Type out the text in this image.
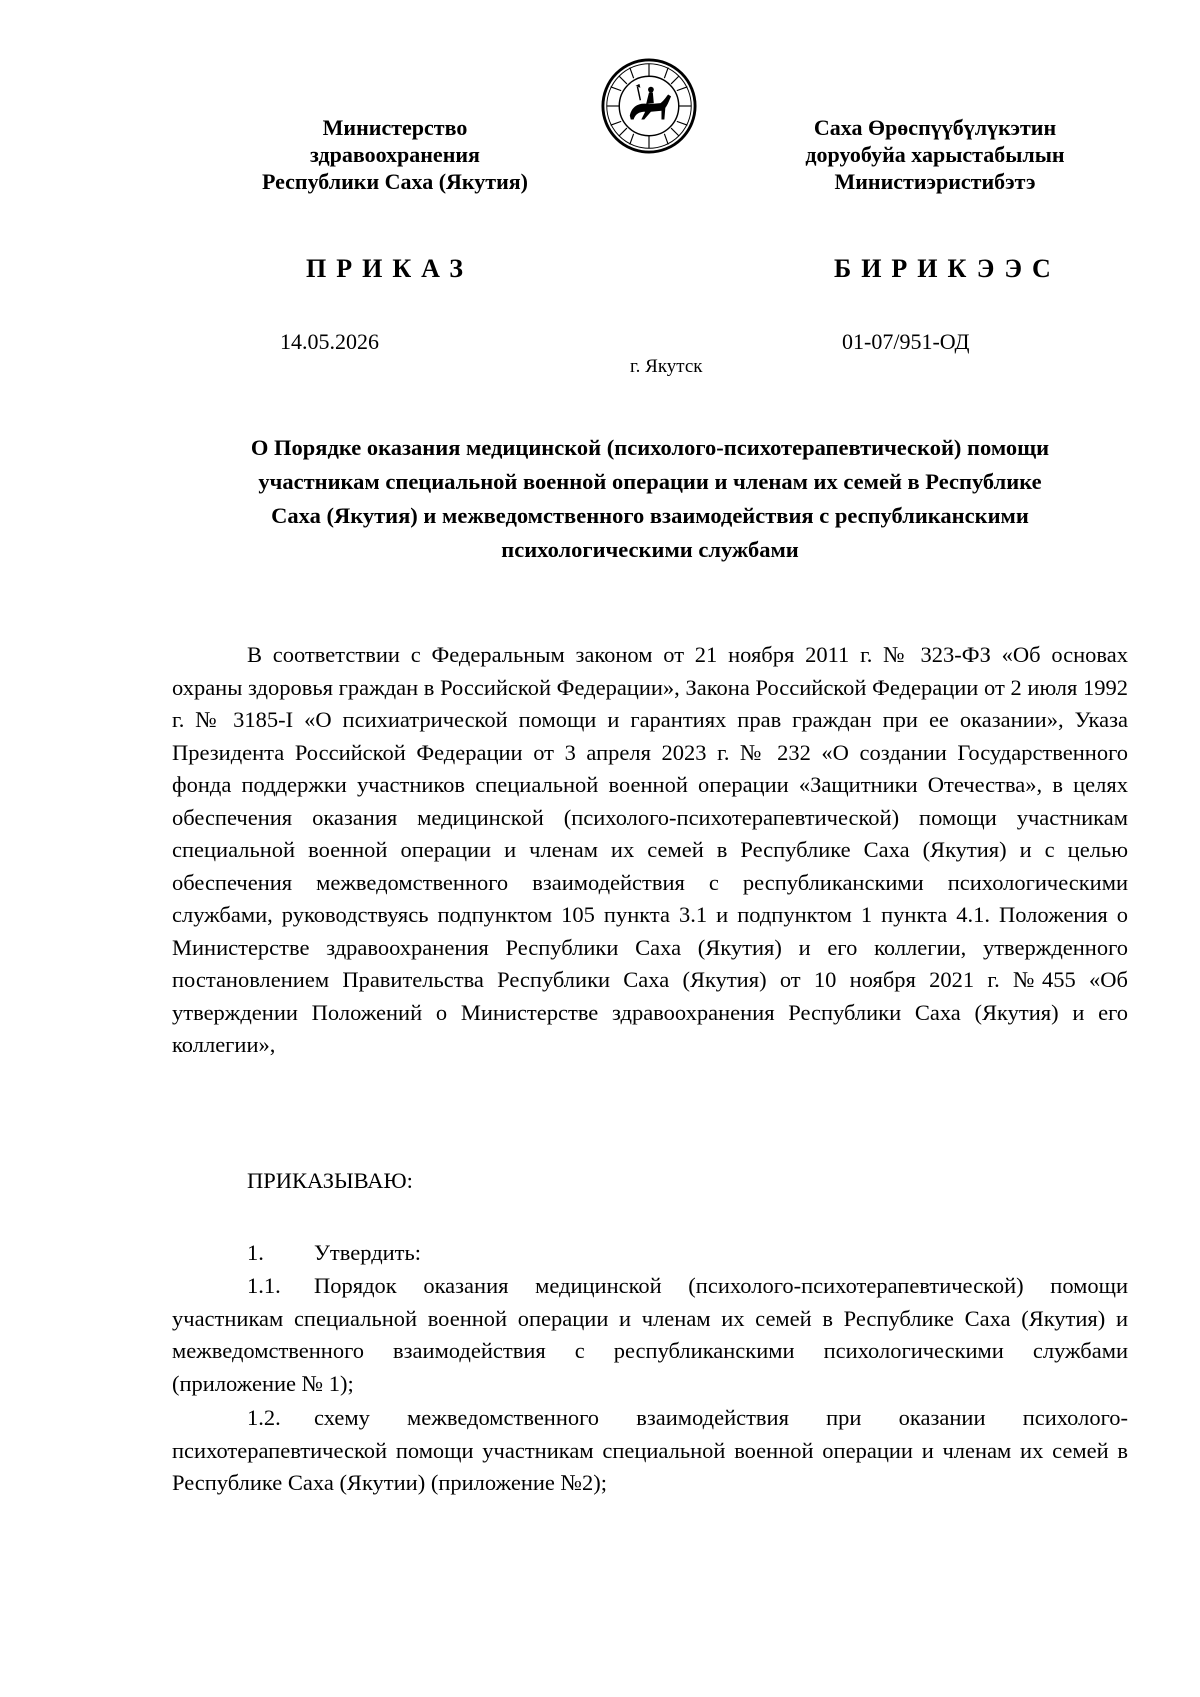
Министерство
здравоохранения
Республики Саха (Якутия)
Саха Өрөспүүбүлүкэтин
доруобуйа харыстабылын
Министиэристибэтэ
ПРИКАЗ	БИРИКЭЭС
14.05.2026	01-07/951-ОД
г. Якутск
О Порядке оказания медицинской (психолого-психотерапевтической) помощи
участникам специальной военной операции и членам их семей в Республике
Саха (Якутия) и межведомственного взаимодействия с республиканскими
психологическими службами
В соответствии с Федеральным законом от 21 ноября 2011 г. № 323-ФЗ «Об основах охраны здоровья граждан в Российской Федерации», Закона Российской Федерации от 2 июля 1992 г. № 3185-I «О психиатрической помощи и гарантиях прав граждан при ее оказании», Указа Президента Российской Федерации от 3 апреля 2023 г. № 232 «О создании Государственного фонда поддержки участников специальной военной операции «Защитники Отечества», в целях обеспечения оказания медицинской (психолого-психотерапевтической) помощи участникам специальной военной операции и членам их семей в Республике Саха (Якутия) и с целью обеспечения межведомственного взаимодействия с республиканскими психологическими службами, руководствуясь подпунктом 105 пункта 3.1 и подпунктом 1 пункта 4.1. Положения о Министерстве здравоохранения Республики Саха (Якутия) и его коллегии, утвержденного постановлением Правительства Республики Саха (Якутия) от 10 ноября 2021 г. №455 «Об утверждении Положений о Министерстве здравоохранения Республики Саха (Якутия) и его коллегии»,
ПРИКАЗЫВАЮ:
1. Утвердить:
1.1. Порядок оказания медицинской (психолого-психотерапевтической) помощи участникам специальной военной операции и членам их семей в Республике Саха (Якутия) и межведомственного взаимодействия с республиканскими психологическими службами (приложение № 1);
1.2. схему межведомственного взаимодействия при оказании психолого-психотерапевтической помощи участникам специальной военной операции и членам их семей в Республике Саха (Якутии) (приложение №2);
